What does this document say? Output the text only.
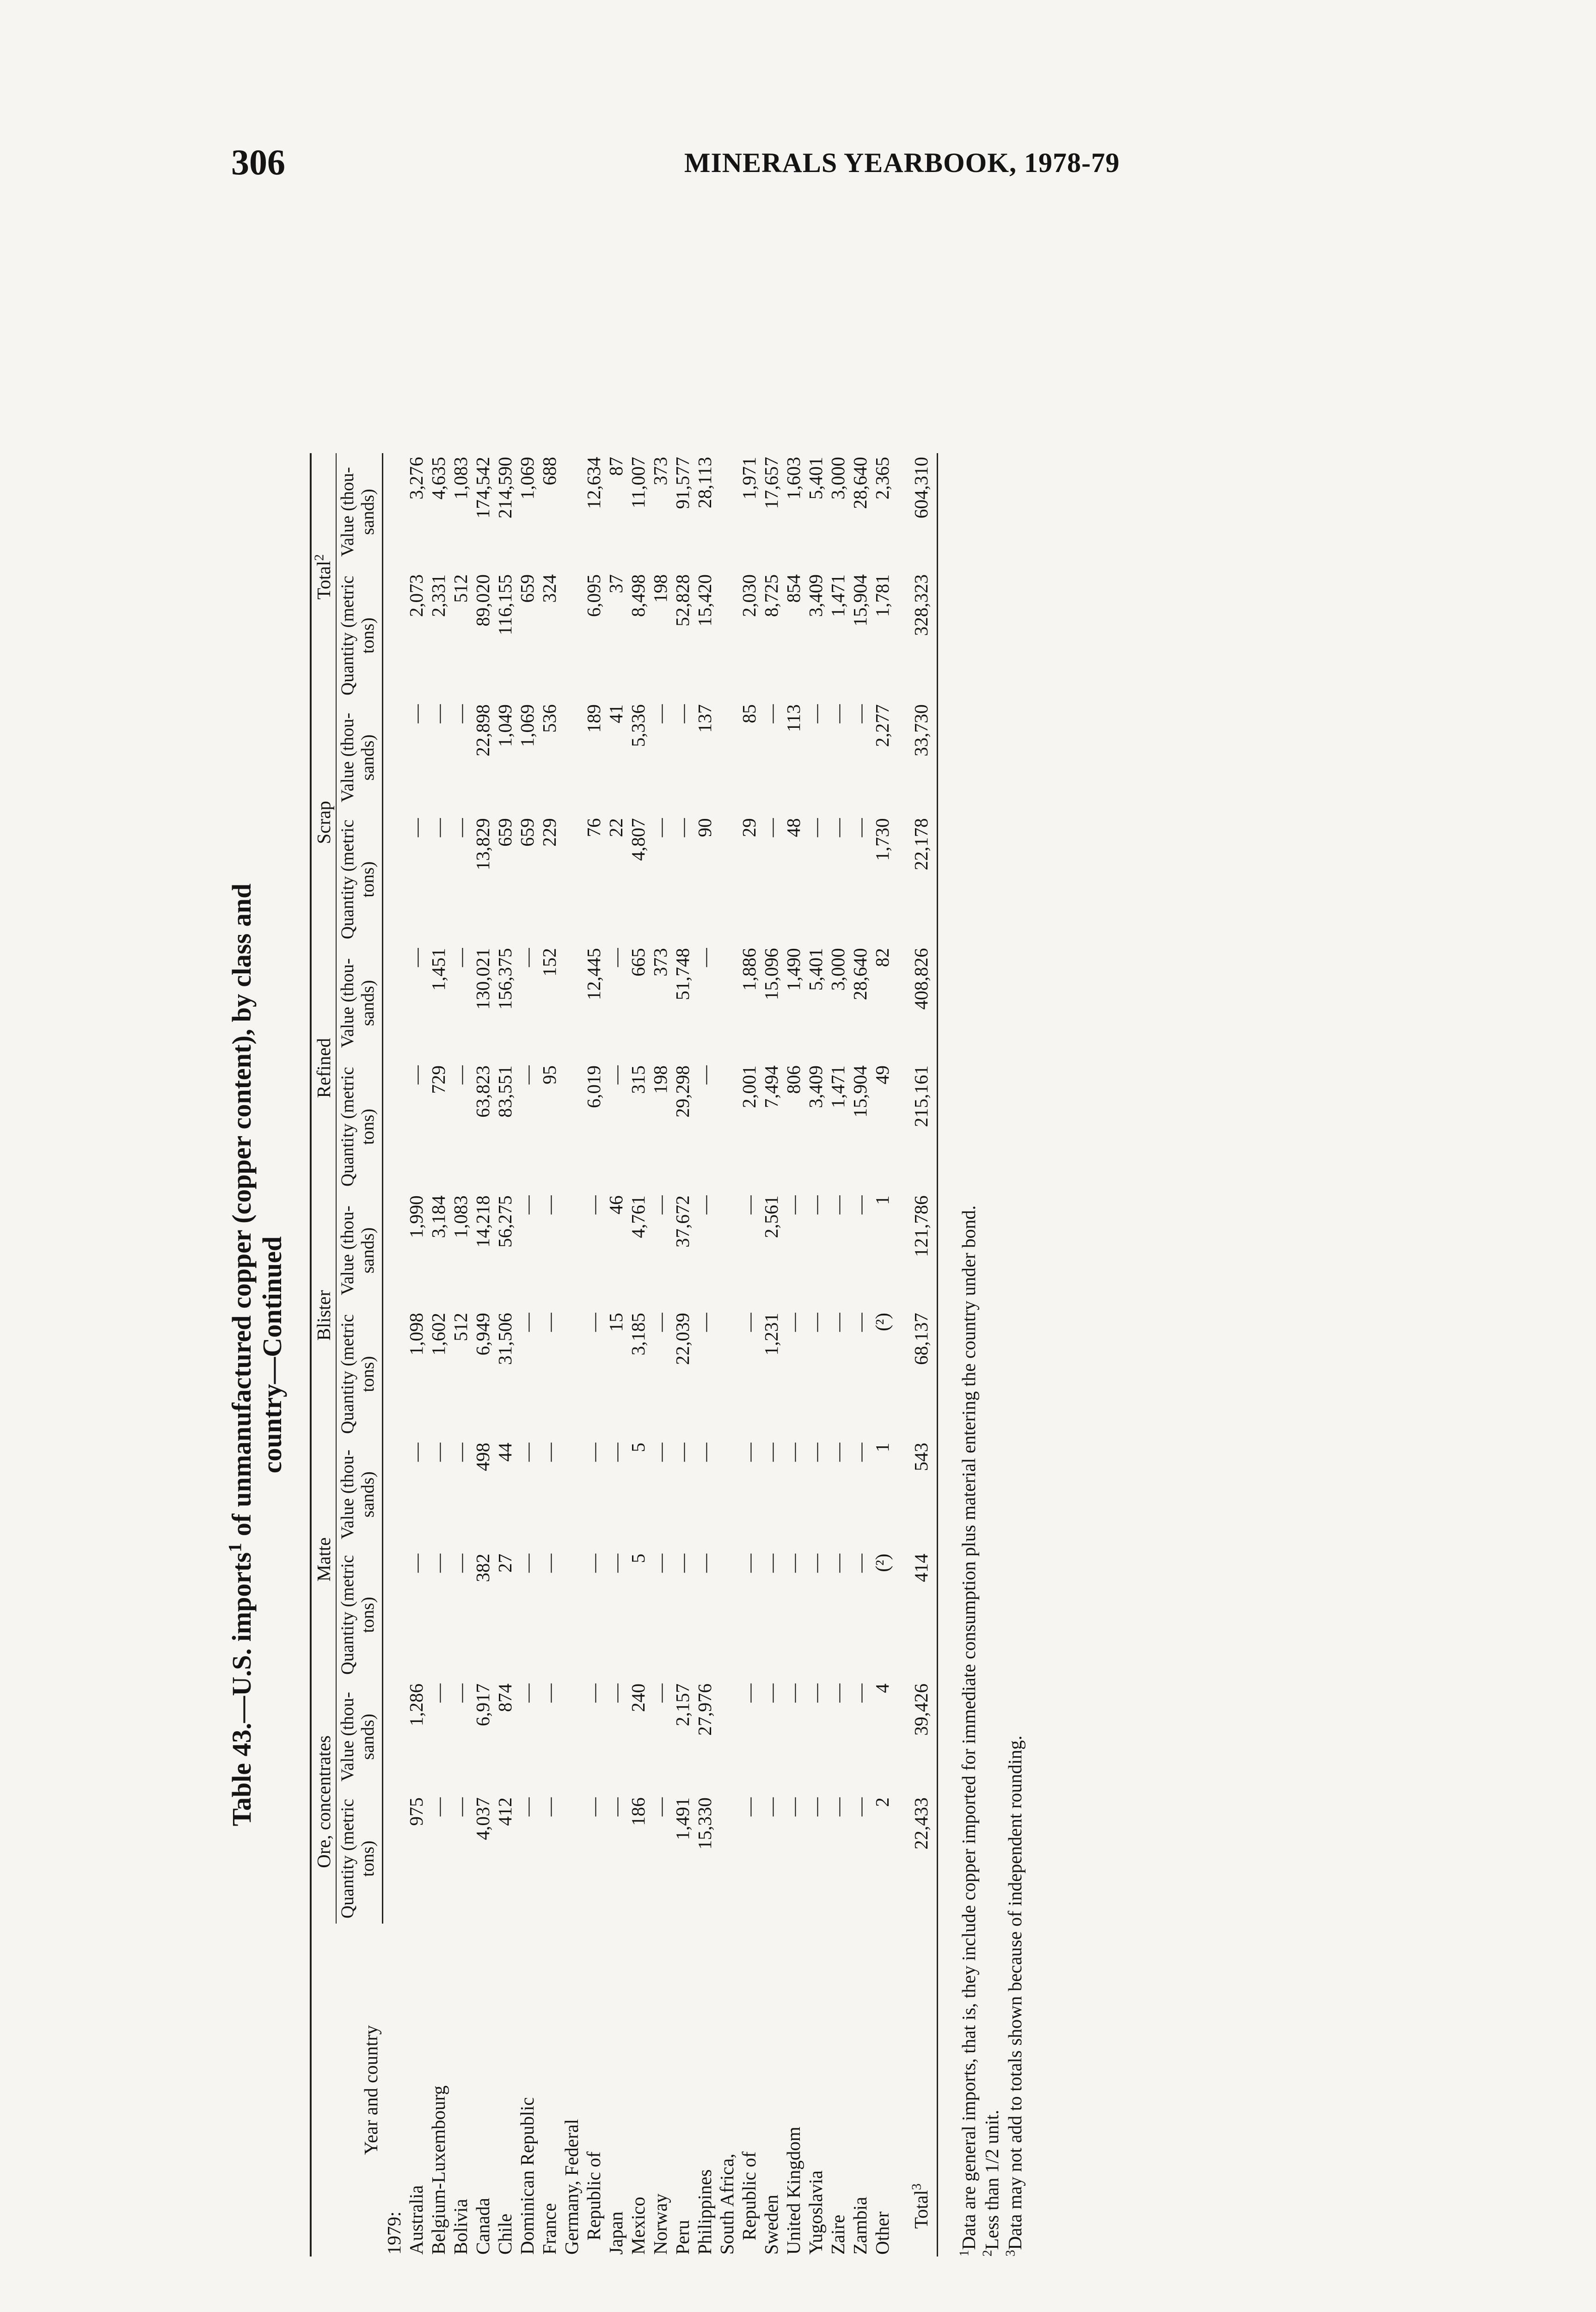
306	MINERALS YEARBOOK, 1978-79
Table 43.—U.S. imports$^1$ of unmanufactured copper (copper content), by class and
country—Continued
Year and country	Ore, concentrates		Matte		Blister		Refined		Scrap		Total$^2$
	Quantity (metric tons)	Value (thou- sands)	Quantity (metric tons)	Value (thou- sands)	Quantity (metric tons)	Value (thou- sands)	Quantity (metric tons)	Value (thou- sands)	Quantity (metric tons)	Value (thou- sands)	Quantity (metric tons)	Value (thou- sands)
1979:												
Australia	975	1,286	—	—	1,098	1,990	—	—	—	—	2,073	3,276
Belgium-Luxembourg	—	—	—	—	1,602	3,184	729	1,451	—	—	2,331	4,635
Bolivia	—	—	—	—	512	1,083	—	—	—	—	512	1,083
Canada	4,037	6,917	382	498	6,949	14,218	63,823	130,021	13,829	22,898	89,020	174,542
Chile	412	874	27	44	31,506	56,275	83,551	156,375	659	1,049	116,155	214,590
Dominican Republic	—	—	—	—	—	—	—	—	659	1,069	659	1,069
France	—	—	—	—	—	—	95	152	229	536	324	688
Germany, Federal												
Republic of	—	—	—	—	—	—	6,019	12,445	76	189	6,095	12,634
Japan	—	—	—	—	15	46	—	—	22	41	37	87
Mexico	186	240	5	5	3,185	4,761	315	665	4,807	5,336	8,498	11,007
Norway	—	—	—	—	—	—	198	373	—	—	198	373
Peru	1,491	2,157	—	—	22,039	37,672	29,298	51,748	—	—	52,828	91,577
Philippines	15,330	27,976	—	—	—	—	—	—	90	137	15,420	28,113
South Africa,												
Republic of	—	—	—	—	—	—	2,001	1,886	29	85	2,030	1,971
Sweden	—	—	—	—	1,231	2,561	7,494	15,096	—	—	8,725	17,657
United Kingdom	—	—	—	—	—	—	806	1,490	48	113	854	1,603
Yugoslavia	—	—	—	—	—	—	3,409	5,401	—	—	3,409	5,401
Zaire	—	—	—	—	—	—	1,471	3,000	—	—	1,471	3,000
Zambia	—	—	—	—	—	—	15,904	28,640	—	—	15,904	28,640
Other	2	4	(²)	1	(²)	1	49	82	1,730	2,277	1,781	2,365
Total$^3$	22,433	39,426	414	543	68,137	121,786	215,161	408,826	22,178	33,730	328,323	604,310
$^1$Data are general imports, that is, they include copper imported for immediate consumption plus material entering the country under bond.
$^2$Less than 1/2 unit.
$^3$Data may not add to totals shown because of independent rounding.
